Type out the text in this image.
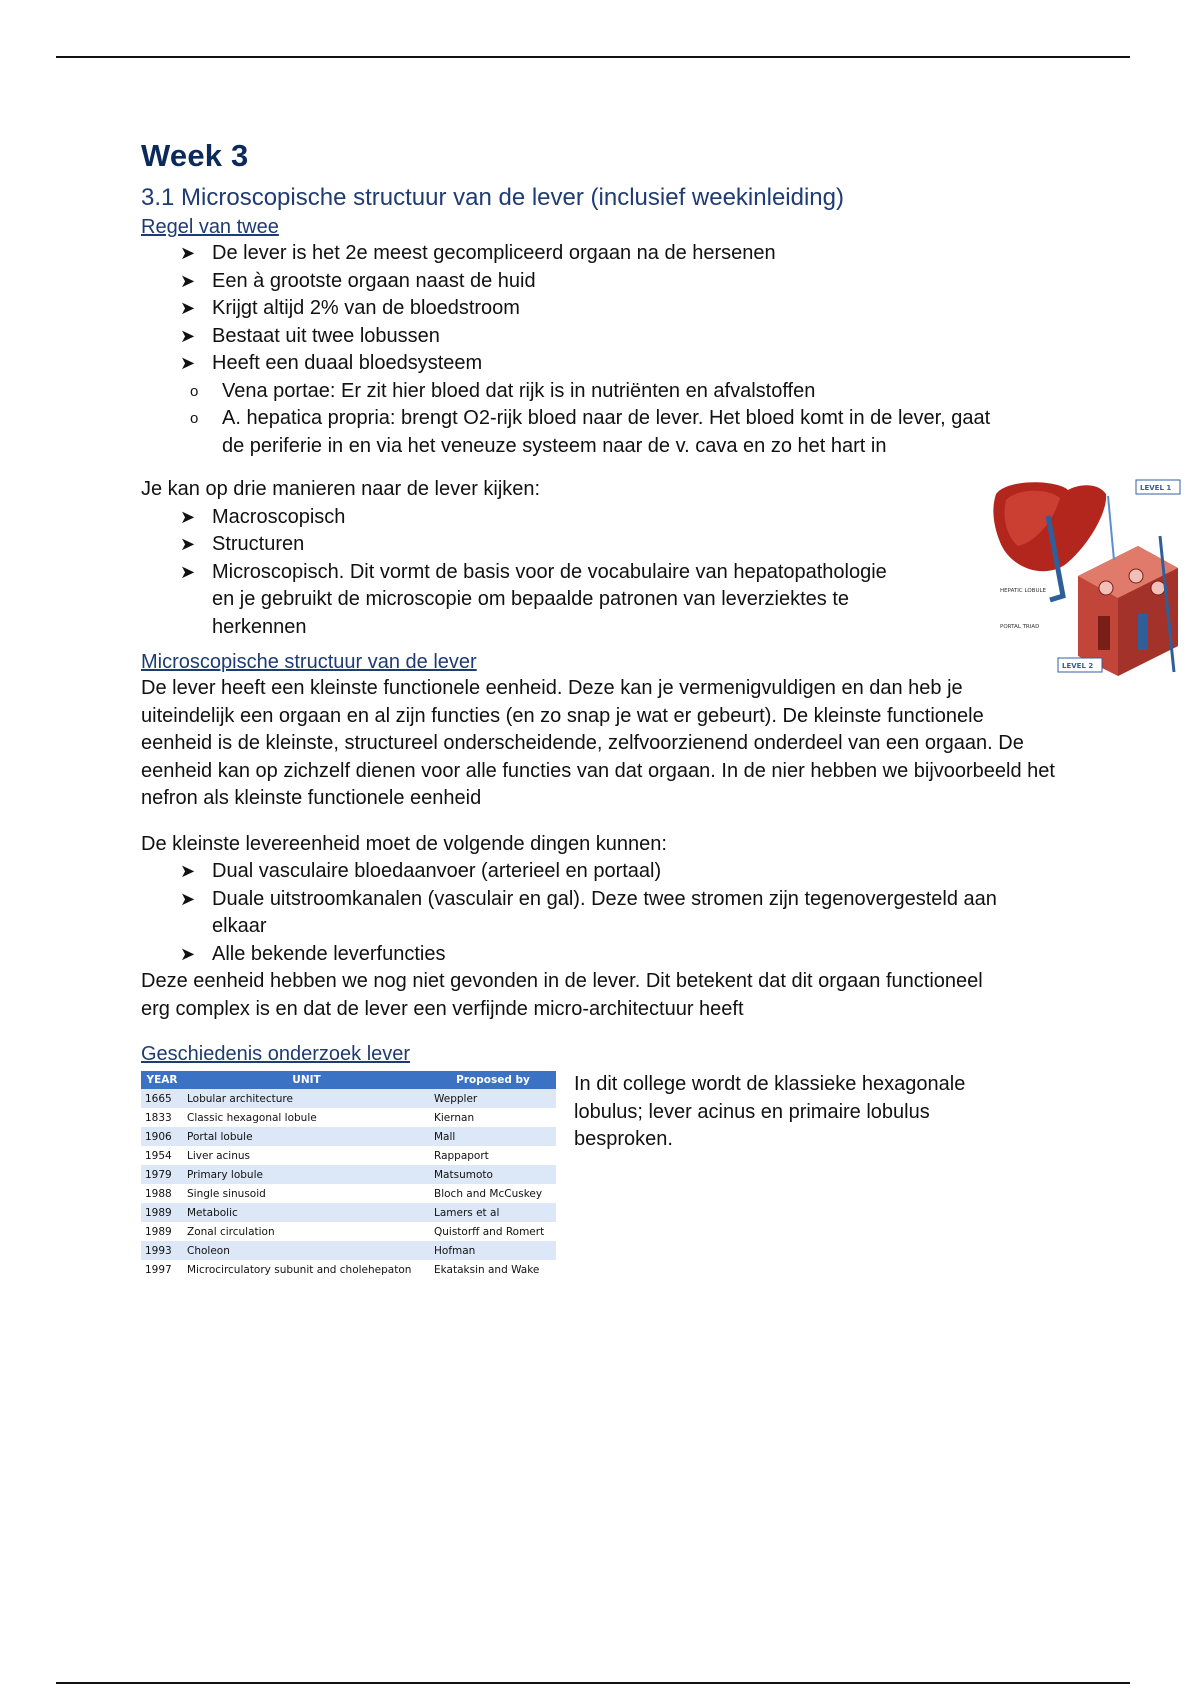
Week 3
3.1 Microscopische structuur van de lever (inclusief weekinleiding)
Regel van twee
➤ De lever is het 2e meest gecompliceerd orgaan na de hersenen
➤ Een à grootste orgaan naast de huid
➤ Krijgt altijd 2% van de bloedstroom
➤ Bestaat uit twee lobussen
➤ Heeft een duaal bloedsysteem
o Vena portae: Er zit hier bloed dat rijk is in nutriënten en afvalstoffen
o A. hepatica propria: brengt O2-rijk bloed naar de lever. Het bloed komt in de lever, gaat de periferie in en via het veneuze systeem naar de v. cava en zo het hart in

Je kan op drie manieren naar de lever kijken:

➤ Macroscopisch
➤ Structuren
➤ Microscopisch. Dit vormt de basis voor de vocabulaire van hepatopathologie en je gebruikt de microscopie om bepaalde patronen van leverziektes te herkennen
LEVEL 1
LEVEL 2
HEPATIC LOBULE
PORTAL TRIAD
Microscopische structuur van de lever

De lever heeft een kleinste functionele eenheid. Deze kan je vermenigvuldigen en dan heb je uiteindelijk een orgaan en al zijn functies (en zo snap je wat er gebeurt). De kleinste functionele eenheid is de kleinste, structureel onderscheidende, zelfvoorzienend onderdeel van een orgaan. De eenheid kan op zichzelf dienen voor alle functies van dat orgaan. In de nier hebben we bijvoorbeeld het nefron als kleinste functionele eenheid

De kleinste levereenheid moet de volgende dingen kunnen:

➤ Dual vasculaire bloedaanvoer (arterieel en portaal)
➤ Duale uitstroomkanalen (vasculair en gal). Deze twee stromen zijn tegenovergesteld aan elkaar
➤ Alle bekende leverfuncties

Deze eenheid hebben we nog niet gevonden in de lever. Dit betekent dat dit orgaan functioneel erg complex is en dat de lever een verfijnde micro-architectuur heeft

Geschiedenis onderzoek lever
YEAR	UNIT	Proposed by
1665	Lobular architecture	Weppler
1833	Classic hexagonal lobule	Kiernan
1906	Portal lobule	Mall
1954	Liver acinus	Rappaport
1979	Primary lobule	Matsumoto
1988	Single sinusoid	Bloch and McCuskey
1989	Metabolic	Lamers et al
1989	Zonal circulation	Quistorff and Romert
1993	Choleon	Hofman
1997	Microcirculatory subunit and cholehepaton	Ekataksin and Wake

In dit college wordt de klassieke hexagonale lobulus; lever acinus en primaire lobulus besproken.
